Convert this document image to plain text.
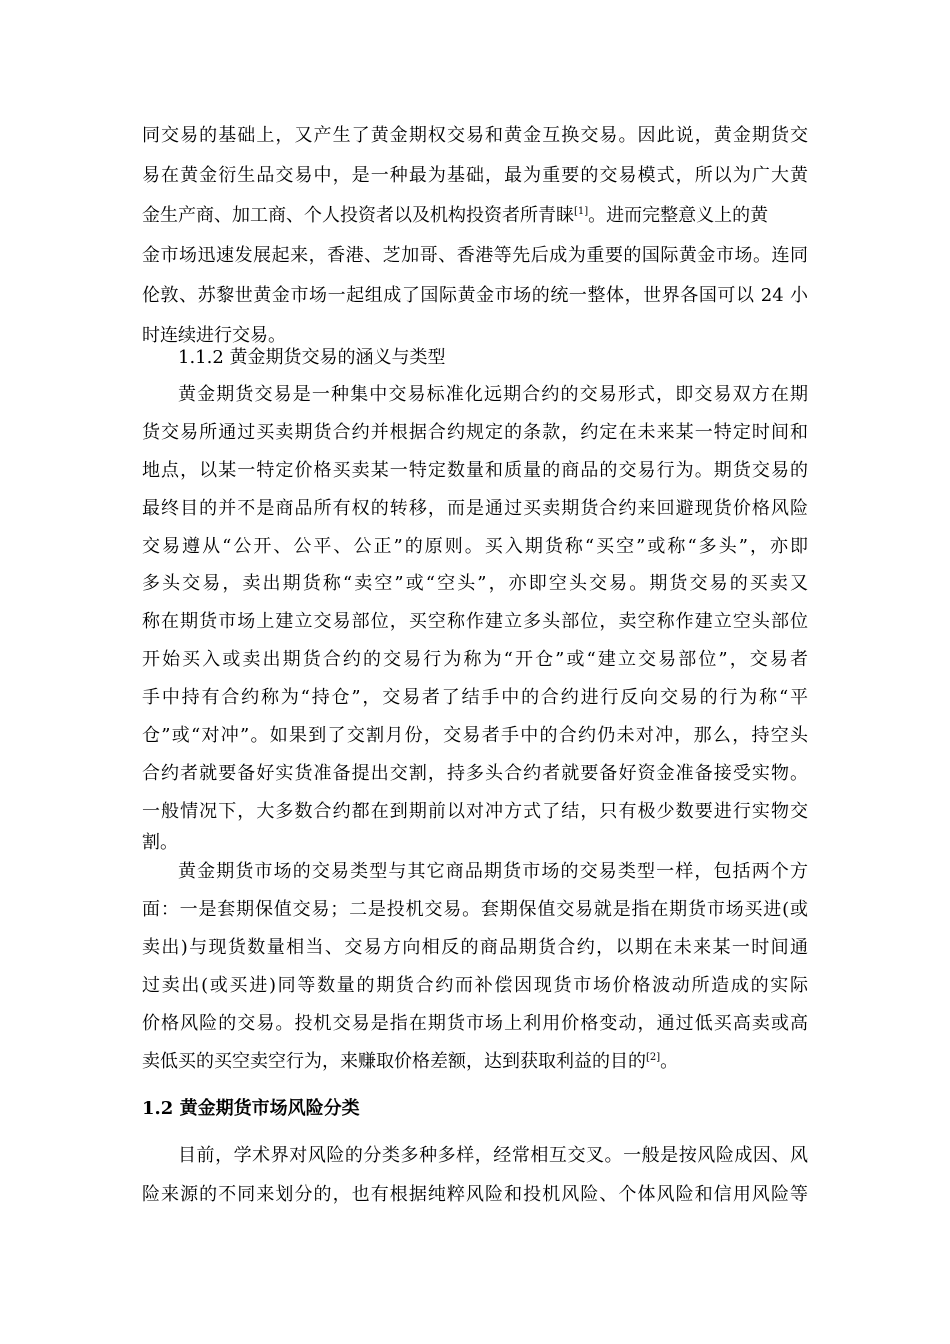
同交易的基础上，又产生了黄金期权交易和黄金互换交易。因此说，黄金期货交
易在黄金衍生品交易中，是一种最为基础，最为重要的交易模式，所以为广大黄
金生产商、加工商、个人投资者以及机构投资者所青睐[1]。进而完整意义上的黄
金市场迅速发展起来，香港、芝加哥、香港等先后成为重要的国际黄金市场。连同
伦敦、苏黎世黄金市场一起组成了国际黄金市场的统一整体，世界各国可以 24 小
时连续进行交易。
1.1.2 黄金期货交易的涵义与类型
黄金期货交易是一种集中交易标准化远期合约的交易形式，即交易双方在期
货交易所通过买卖期货合约并根据合约规定的条款，约定在未来某一特定时间和
地点，以某一特定价格买卖某一特定数量和质量的商品的交易行为。期货交易的
最终目的并不是商品所有权的转移，而是通过买卖期货合约来回避现货价格风险
交易遵从“公开、公平、公正”的原则。买入期货称“买空”或称“多头”，亦即
多头交易，卖出期货称“卖空”或“空头”，亦即空头交易。期货交易的买卖又
称在期货市场上建立交易部位，买空称作建立多头部位，卖空称作建立空头部位
开始买入或卖出期货合约的交易行为称为“开仓”或“建立交易部位”，交易者
手中持有合约称为“持仓”，交易者了结手中的合约进行反向交易的行为称“平
仓”或“对冲”。如果到了交割月份，交易者手中的合约仍未对冲，那么，持空头
合约者就要备好实货准备提出交割，持多头合约者就要备好资金准备接受实物。
一般情况下，大多数合约都在到期前以对冲方式了结，只有极少数要进行实物交
割。
黄金期货市场的交易类型与其它商品期货市场的交易类型一样，包括两个方
面：一是套期保值交易；二是投机交易。套期保值交易就是指在期货市场买进(或
卖出)与现货数量相当、交易方向相反的商品期货合约，以期在未来某一时间通
过卖出(或买进)同等数量的期货合约而补偿因现货市场价格波动所造成的实际
价格风险的交易。投机交易是指在期货市场上利用价格变动，通过低买高卖或高
卖低买的买空卖空行为，来赚取价格差额，达到获取利益的目的[2]。
1.2 黄金期货市场风险分类
目前，学术界对风险的分类多种多样，经常相互交叉。一般是按风险成因、风
险来源的不同来划分的，也有根据纯粹风险和投机风险、个体风险和信用风险等
